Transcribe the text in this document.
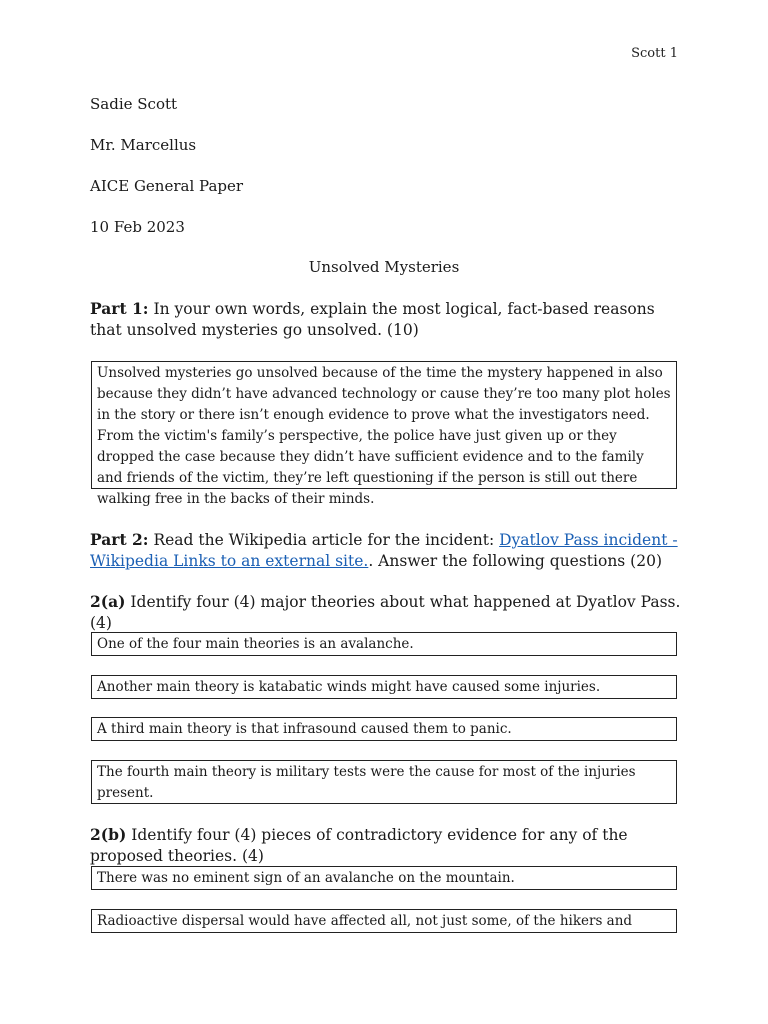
Scott 1
Sadie Scott
Mr. Marcellus
AICE General Paper
10 Feb 2023
Unsolved Mysteries
Part 1: In your own words, explain the most logical, fact-based reasons that unsolved mysteries go unsolved. (10)

Unsolved mysteries go unsolved because of the time the mystery happened in also because they didn’t have advanced technology or cause they’re too many plot holes in the story or there isn’t enough evidence to prove what the investigators need. From the victim's family’s perspective, the police have just given up or they dropped the case because they didn’t have sufficient evidence and to the family and friends of the victim, they’re left questioning if the person is still out there walking free in the backs of their minds.

Part 2: Read the Wikipedia article for the incident: Dyatlov Pass incident - Wikipedia Links to an external site.. Answer the following questions (20)
2(a) Identify four (4) major theories about what happened at Dyatlov Pass. (4)

One of the four main theories is an avalanche.

Another main theory is katabatic winds might have caused some injuries.

A third main theory is that infrasound caused them to panic.

The fourth main theory is military tests were the cause for most of the injuries present.

2(b) Identify four (4) pieces of contradictory evidence for any of the proposed theories. (4)

There was no eminent sign of an avalanche on the mountain.

Radioactive dispersal would have affected all, not just some, of the hikers and
